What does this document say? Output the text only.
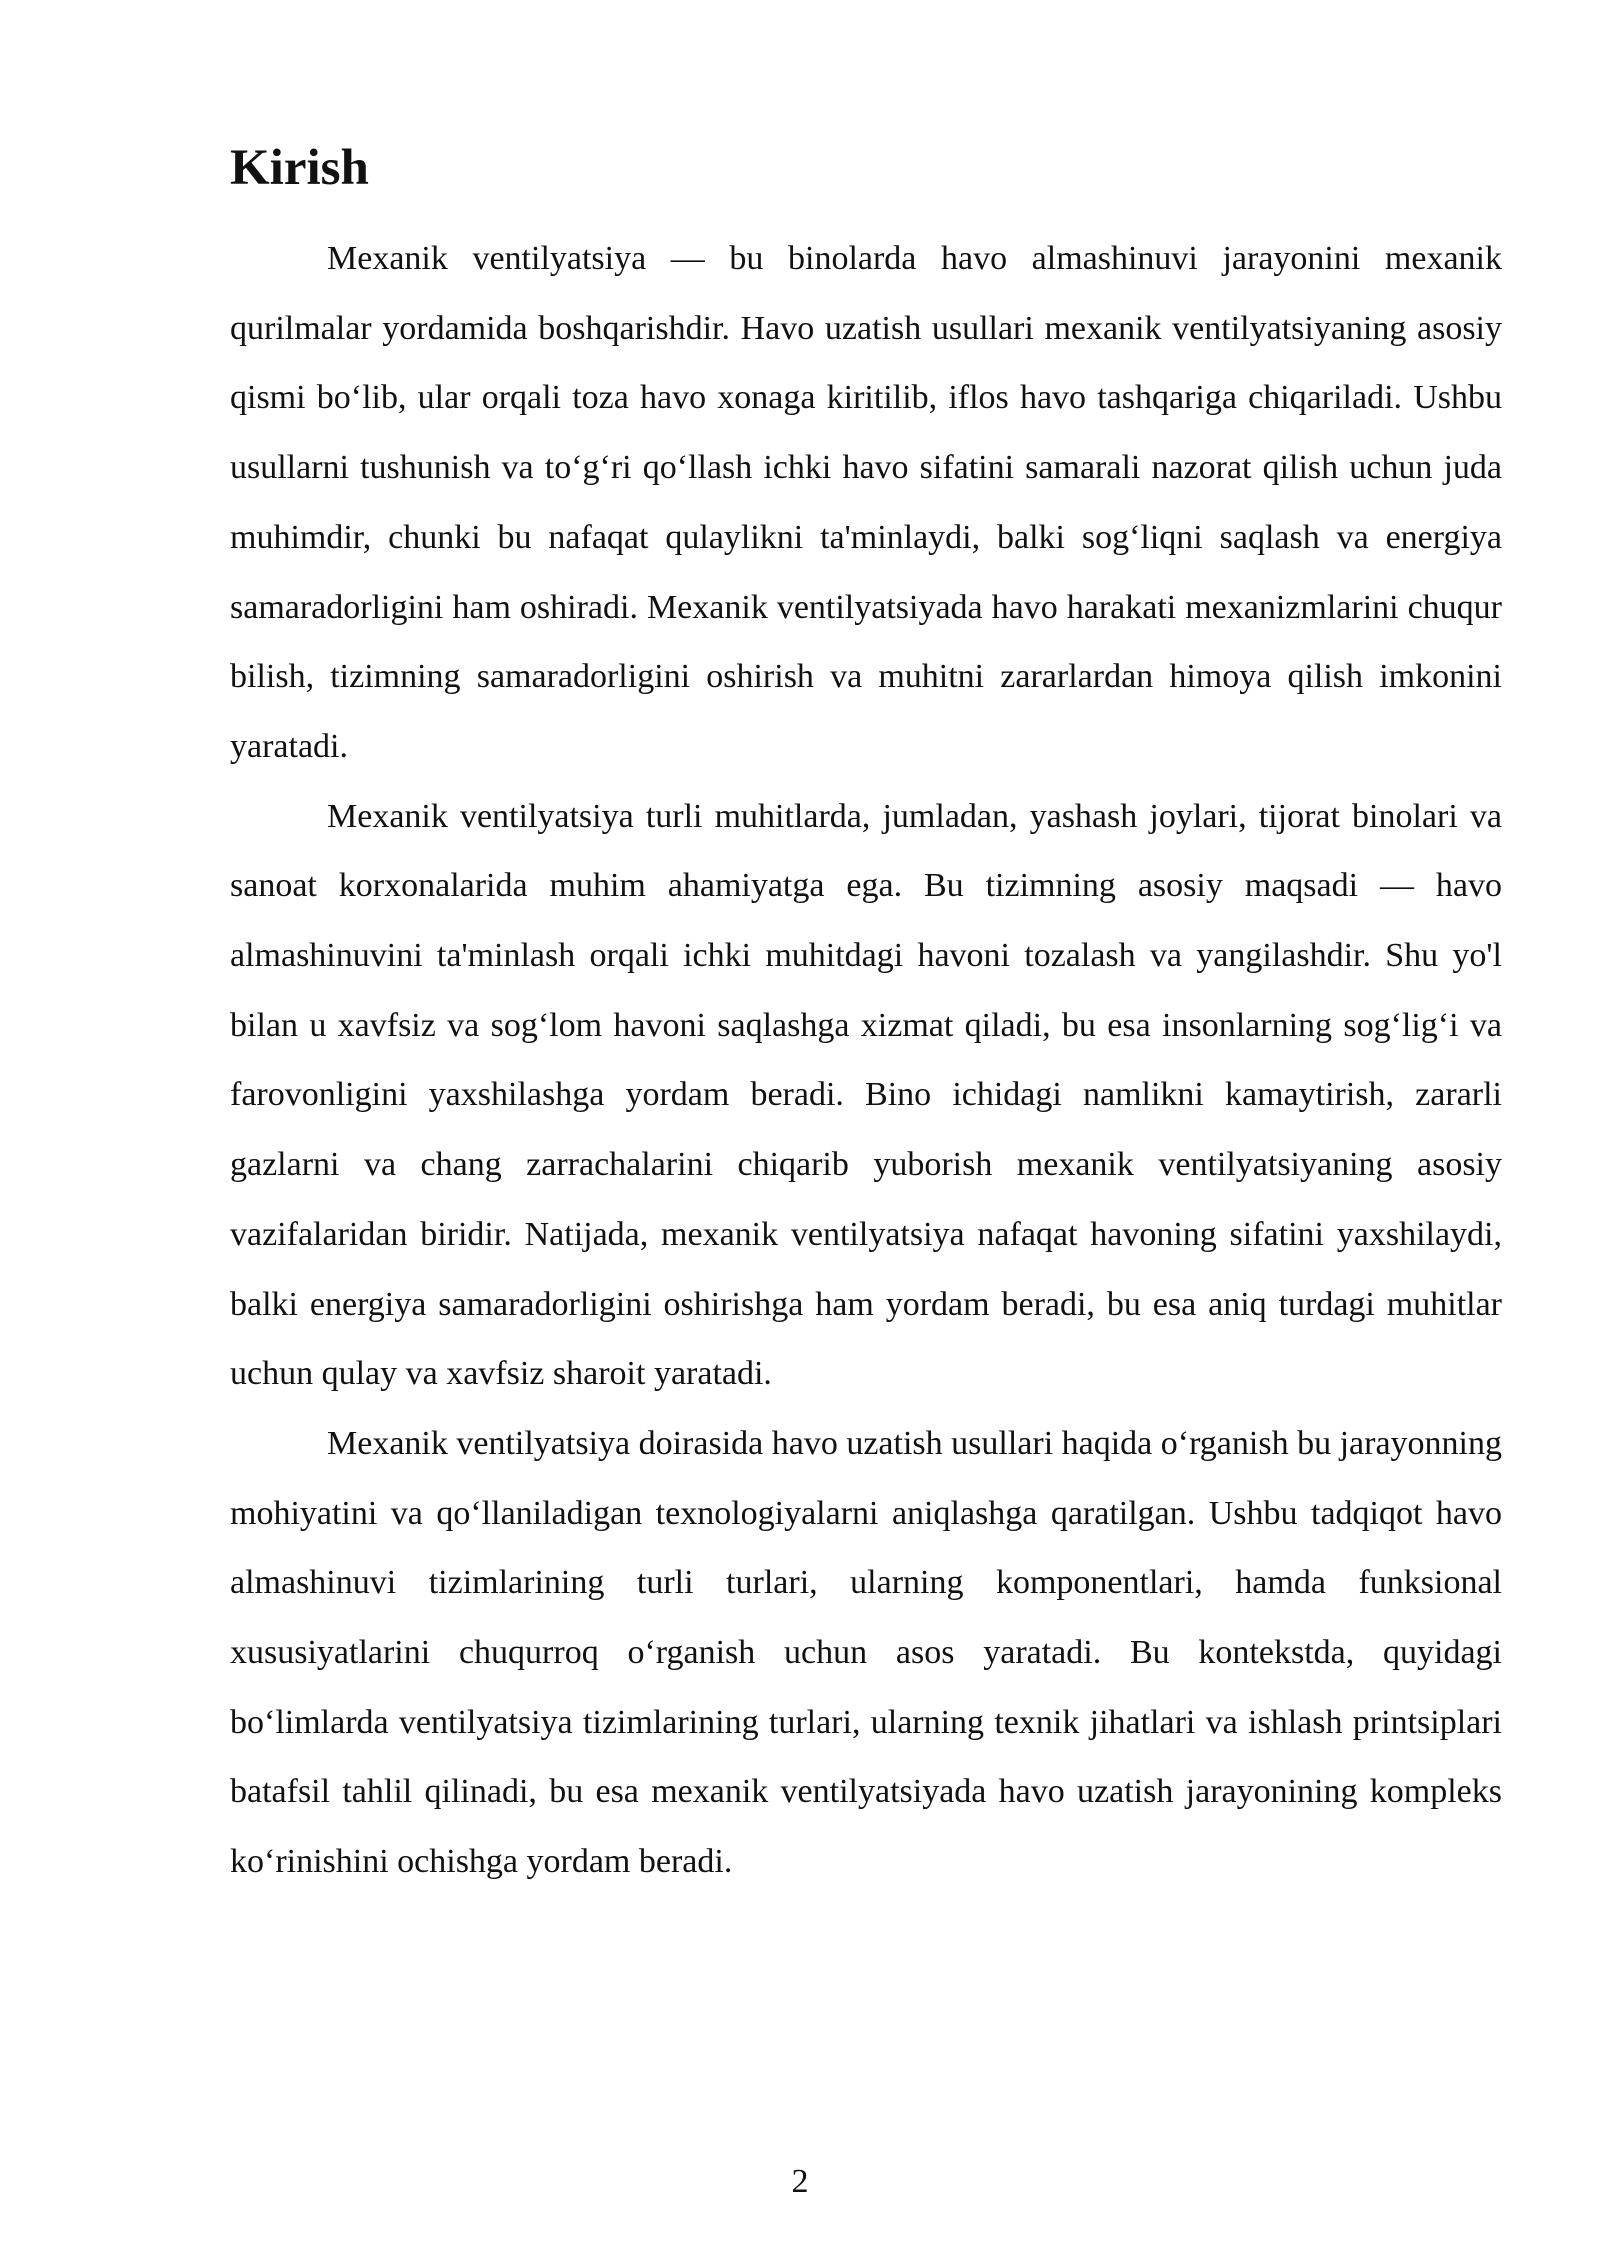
Kirish

Mexanik ventilyatsiya — bu binolarda havo almashinuvi jarayonini mexanik qurilmalar yordamida boshqarishdir. Havo uzatish usullari mexanik ventilyatsiyaning asosiy qismi bo‘lib, ular orqali toza havo xonaga kiritilib, iflos havo tashqariga chiqariladi. Ushbu usullarni tushunish va to‘g‘ri qo‘llash ichki havo sifatini samarali nazorat qilish uchun juda muhimdir, chunki bu nafaqat qulaylikni ta'minlaydi, balki sog‘liqni saqlash va energiya samaradorligini ham oshiradi. Mexanik ventilyatsiyada havo harakati mexanizmlarini chuqur bilish, tizimning samaradorligini oshirish va muhitni zararlardan himoya qilish imkonini yaratadi.

Mexanik ventilyatsiya turli muhitlarda, jumladan, yashash joylari, tijorat binolari va sanoat korxonalarida muhim ahamiyatga ega. Bu tizimning asosiy maqsadi — havo almashinuvini ta'minlash orqali ichki muhitdagi havoni tozalash va yangilashdir. Shu yo'l bilan u xavfsiz va sog‘lom havoni saqlashga xizmat qiladi, bu esa insonlarning sog‘lig‘i va farovonligini yaxshilashga yordam beradi. Bino ichidagi namlikni kamaytirish, zararli gazlarni va chang zarrachalarini chiqarib yuborish mexanik ventilyatsiyaning asosiy vazifalaridan biridir. Natijada, mexanik ventilyatsiya nafaqat havoning sifatini yaxshilaydi, balki energiya samaradorligini oshirishga ham yordam beradi, bu esa aniq turdagi muhitlar uchun qulay va xavfsiz sharoit yaratadi.

Mexanik ventilyatsiya doirasida havo uzatish usullari haqida o‘rganish bu jarayonning mohiyatini va qo‘llaniladigan texnologiyalarni aniqlashga qaratilgan. Ushbu tadqiqot havo almashinuvi tizimlarining turli turlari, ularning komponentlari, hamda funksional xususiyatlarini chuqurroq o‘rganish uchun asos yaratadi. Bu kontekstda, quyidagi bo‘limlarda ventilyatsiya tizimlarining turlari, ularning texnik jihatlari va ishlash printsiplari batafsil tahlil qilinadi, bu esa mexanik ventilyatsiyada havo uzatish jarayonining kompleks ko‘rinishini ochishga yordam beradi.

2
